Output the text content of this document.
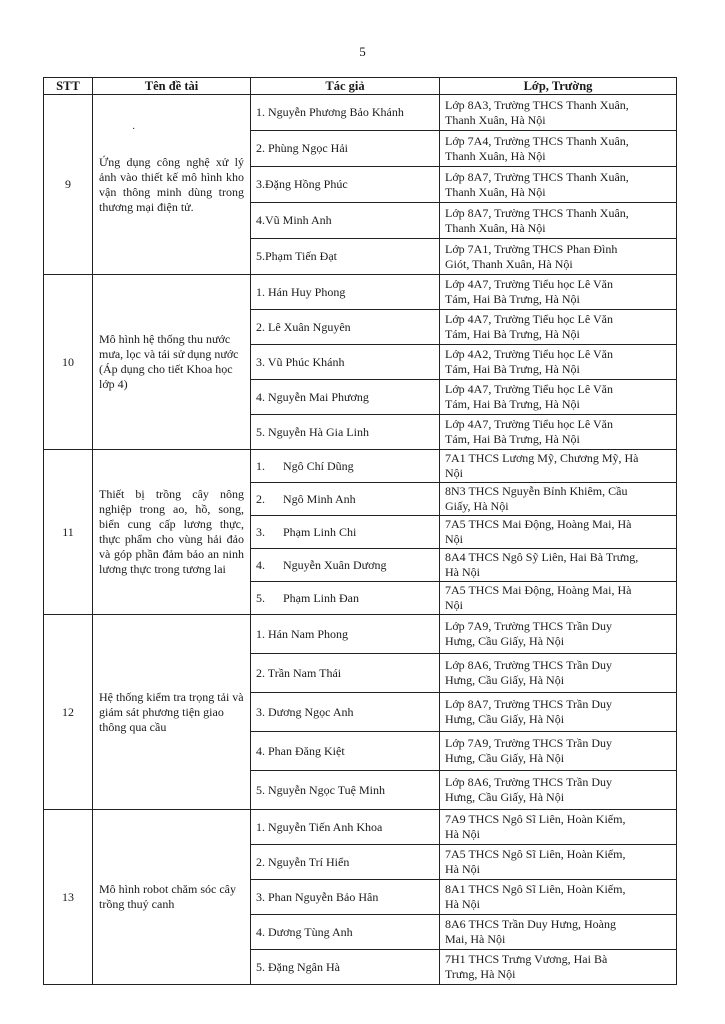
5
·
STT	Tên đề tài	Tác giả	Lớp, Trường
9	Ứng dụng công nghệ xử lý ảnh vào thiết kế mô hình kho vận thông minh dùng trong thương mại điện tử.	1. Nguyễn Phương Bảo Khánh	Lớp 8A3, Trường THCS Thanh Xuân,
Thanh Xuân, Hà Nội
		2. Phùng Ngọc Hải	Lớp 7A4, Trường THCS Thanh Xuân,
Thanh Xuân, Hà Nội
		3.Đặng Hồng Phúc	Lớp 8A7, Trường THCS Thanh Xuân,
Thanh Xuân, Hà Nội
		4.Vũ Minh Anh	Lớp 8A7, Trường THCS Thanh Xuân,
Thanh Xuân, Hà Nội
		5.Phạm Tiến Đạt	Lớp 7A1, Trường THCS Phan Đình
Giót, Thanh Xuân, Hà Nội
10	Mô hình hệ thống thu nước mưa, lọc và tái sử dụng nước (Áp dụng cho tiết Khoa học lớp 4)	1. Hán Huy Phong	Lớp 4A7, Trường Tiểu học Lê Văn
Tám, Hai Bà Trưng, Hà Nội
		2. Lê Xuân Nguyên	Lớp 4A7, Trường Tiểu học Lê Văn
Tám, Hai Bà Trưng, Hà Nội
		3. Vũ Phúc Khánh	Lớp 4A2, Trường Tiểu học Lê Văn
Tám, Hai Bà Trưng, Hà Nội
		4. Nguyễn Mai Phương	Lớp 4A7, Trường Tiểu học Lê Văn
Tám, Hai Bà Trưng, Hà Nội
		5. Nguyễn Hà Gia Linh	Lớp 4A7, Trường Tiểu học Lê Văn
Tám, Hai Bà Trưng, Hà Nội
11	Thiết bị trồng cây nông nghiệp trong ao, hồ, song, biển cung cấp lương thực, thực phẩm cho vùng hải đảo và góp phần đảm bảo an ninh lương thực trong tương lai	1.      Ngô Chí Dũng	7A1 THCS Lương Mỹ, Chương Mỹ, Hà
Nội
		2.      Ngô Minh Anh	8N3 THCS Nguyễn Bỉnh Khiêm, Cầu
Giấy, Hà Nội
		3.      Phạm Linh Chi	7A5 THCS Mai Động, Hoàng Mai, Hà
Nội
		4.      Nguyễn Xuân Dương	8A4 THCS Ngô Sỹ Liên, Hai Bà Trưng,
Hà Nội
		5.      Phạm Linh Đan	7A5 THCS Mai Động, Hoàng Mai, Hà
Nội
12	Hệ thống kiểm tra trọng tải và giám sát phương tiện giao thông qua cầu	1. Hán Nam Phong	Lớp 7A9, Trường THCS Trần Duy
Hưng, Cầu Giấy, Hà Nội
		2. Trần Nam Thái	Lớp 8A6, Trường THCS Trần Duy
Hưng, Cầu Giấy, Hà Nội
		3. Dương Ngọc Anh	Lớp 8A7, Trường THCS Trần Duy
Hưng, Cầu Giấy, Hà Nội
		4. Phan Đăng Kiệt	Lớp 7A9, Trường THCS Trần Duy
Hưng, Cầu Giấy, Hà Nội
		5. Nguyễn Ngọc Tuệ Minh	Lớp 8A6, Trường THCS Trần Duy
Hưng, Cầu Giấy, Hà Nội
13	Mô hình robot chăm sóc cây trồng thuỷ canh	1. Nguyễn Tiến Anh Khoa	7A9 THCS Ngô Sĩ Liên, Hoàn Kiếm,
Hà Nội
		2. Nguyễn Trí Hiển	7A5 THCS Ngô Sĩ Liên, Hoàn Kiếm,
Hà Nội
		3. Phan Nguyễn Bảo Hân	8A1 THCS Ngô Sĩ Liên, Hoàn Kiếm,
Hà Nội
		4. Dương Tùng Anh	8A6 THCS Trần Duy Hưng, Hoàng
Mai, Hà Nội
		5. Đặng Ngân Hà	7H1 THCS Trưng Vương, Hai Bà
Trưng, Hà Nội
